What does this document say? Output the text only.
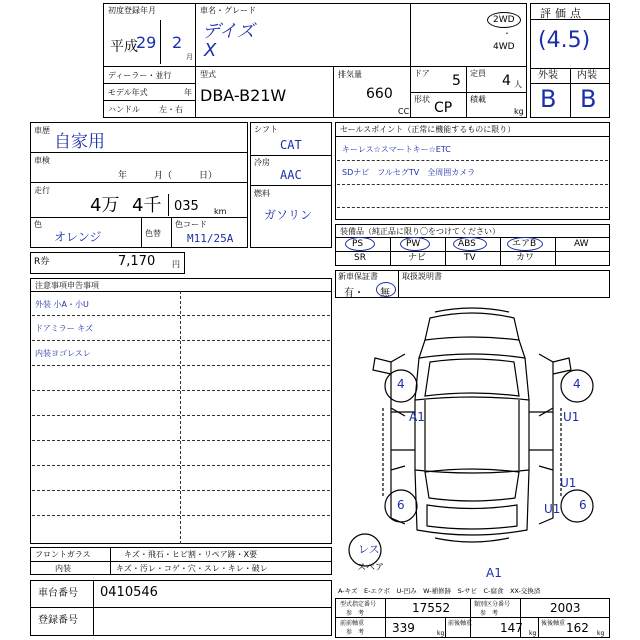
初度登録年月
平成
29 2
月
車名・グレード
デイズ
X
2WD
・
4WD
ディーラー・並行
モデル年式	年
ハンドル 左・右
型式
DBA-B21W
排気量
660
CC
ドア 5 定員 4 人
形状
CP
積載
kg
評価点
(4.5)
外装 内装
B B
車歴
自家用
車検
年　　　月（　　　日）
走行
4万 4千 035 km
色
オレンジ	色替
色コード
M11/25A
シフト
CAT
冷房
AAC
燃料
ガソリン
R券	7,170 円
注意事項申告事項
外装 小A・小U
ドアミラー キズ
内装ヨゴレスレ
フロントガラス	キズ・飛石・ヒビ割・リペア跡・X要
内装	キズ・汚レ・コゲ・穴・スレ・キレ・破レ
車台番号 0410546
登録番号
セールスポイント（正常に機能するものに限り）
キーレス☆スマートキー☆ETC
SDナビ　フルセグTV　全周囲カメラ
装備品（純正品に限り〇をつけてください）
PS	PW	ABS	エアB	AW
SR	ナビ	TV	カワ
新車保証書	取扱説明書
有・ 無
4	4
A1	U1
U1
6	6
U1
A1
レス
スペア
A-キズ　E-エクボ　U-凹み　W-補修跡　S-サビ　C-腐食　XX-交換済
型式指定番号
参　考	17552	類別区分番号
参　考	2003
前前軸重
参　考 339	kg
前後軸重 147 kg
後後軸重 162 kg
